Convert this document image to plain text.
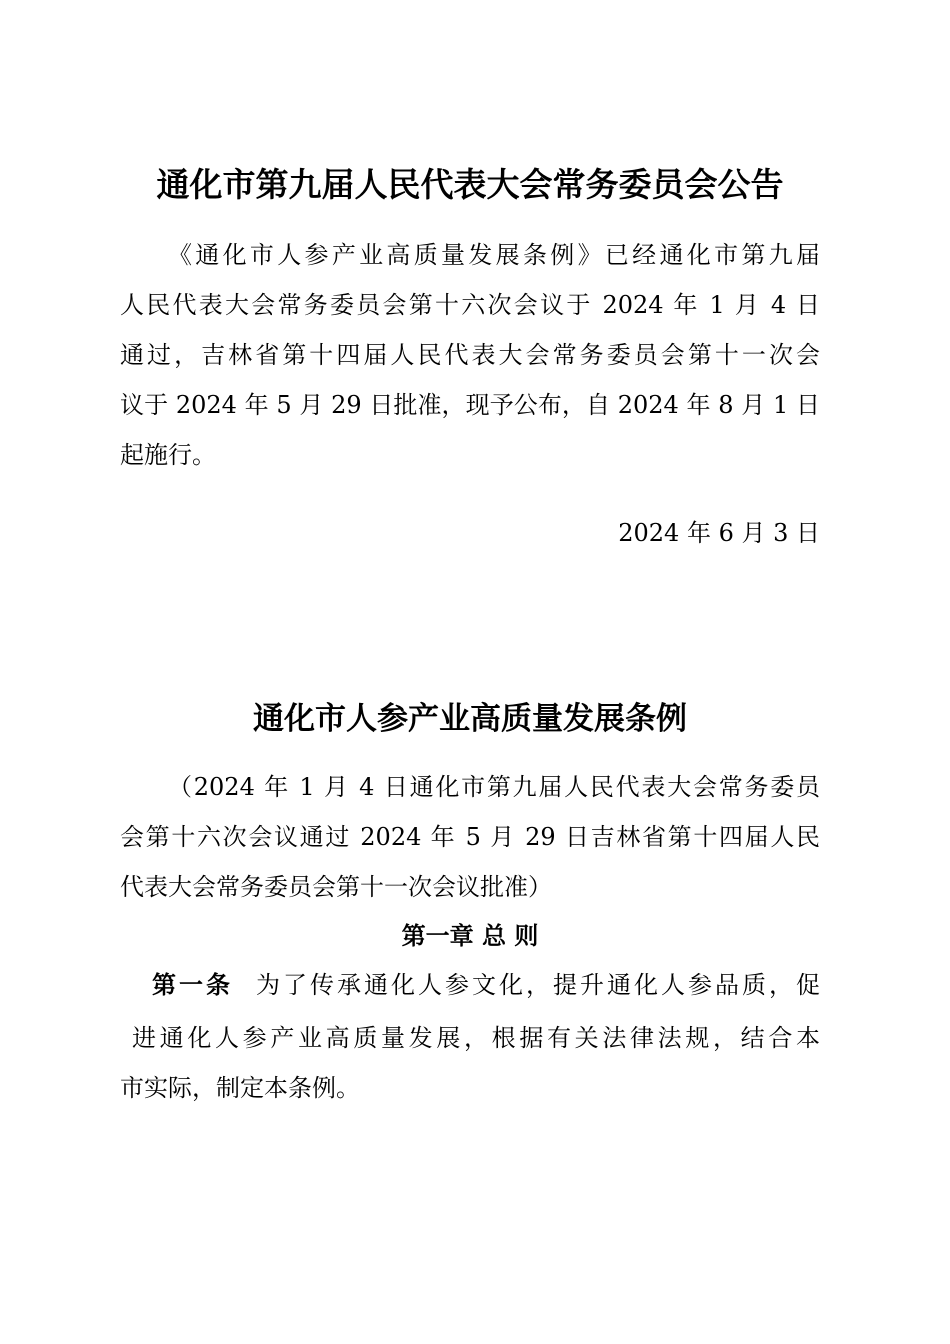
通化市第九届人民代表大会常务委员会公告
《通化市人参产业高质量发展条例》已经通化市第九届
人民代表大会常务委员会第十六次会议于 2024 年 1 月 4 日
通过，吉林省第十四届人民代表大会常务委员会第十一次会
议于 2024 年 5 月 29 日批准，现予公布，自 2024 年 8 月 1 日
起施行。
2024 年 6 月 3 日
通化市人参产业高质量发展条例
（2024 年 1 月 4 日通化市第九届人民代表大会常务委员
会第十六次会议通过 2024 年 5 月 29 日吉林省第十四届人民
代表大会常务委员会第十一次会议批准）
第一章 总 则
第一条 为了传承通化人参文化，提升通化人参品质，促
进通化人参产业高质量发展，根据有关法律法规，结合本
市实际，制定本条例。
